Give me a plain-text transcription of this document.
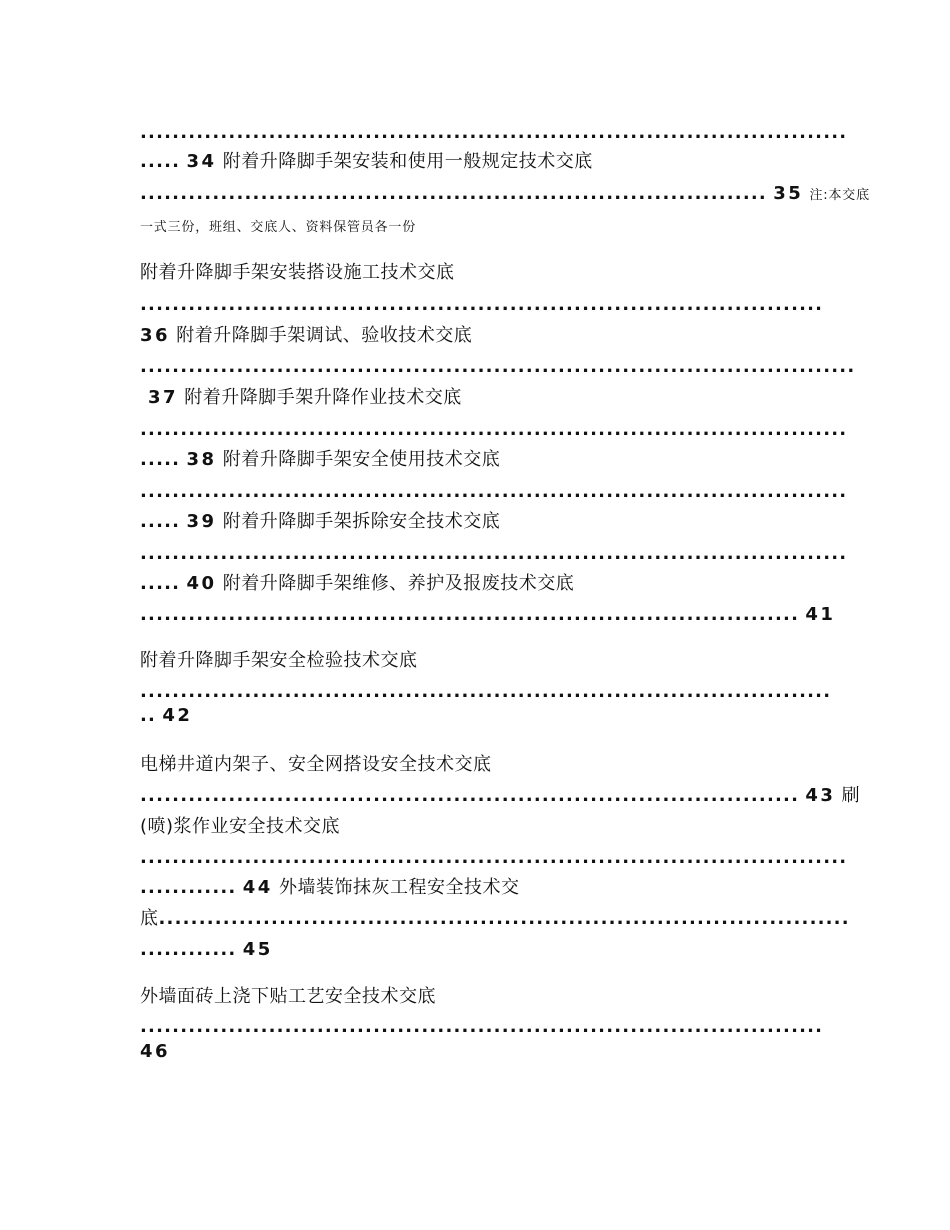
........................................................................................
..... 34 附着升降脚手架安装和使用一般规定技术交底
.............................................................................. 35 注:本交底
一式三份，班组、交底人、资料保管员各一份
附着升降脚手架安装搭设施工技术交底
.....................................................................................
36 附着升降脚手架调试、验收技术交底
.........................................................................................
37 附着升降脚手架升降作业技术交底
........................................................................................
..... 38 附着升降脚手架安全使用技术交底
........................................................................................
..... 39 附着升降脚手架拆除安全技术交底
........................................................................................
..... 40 附着升降脚手架维修、养护及报废技术交底
.................................................................................. 41
附着升降脚手架安全检验技术交底
......................................................................................
.. 42
电梯井道内架子、安全网搭设安全技术交底
.................................................................................. 43 刷
(喷)浆作业安全技术交底
........................................................................................
............ 44 外墙装饰抹灰工程安全技术交
底......................................................................................
............ 45
外墙面砖上浇下贴工艺安全技术交底
.....................................................................................
46
